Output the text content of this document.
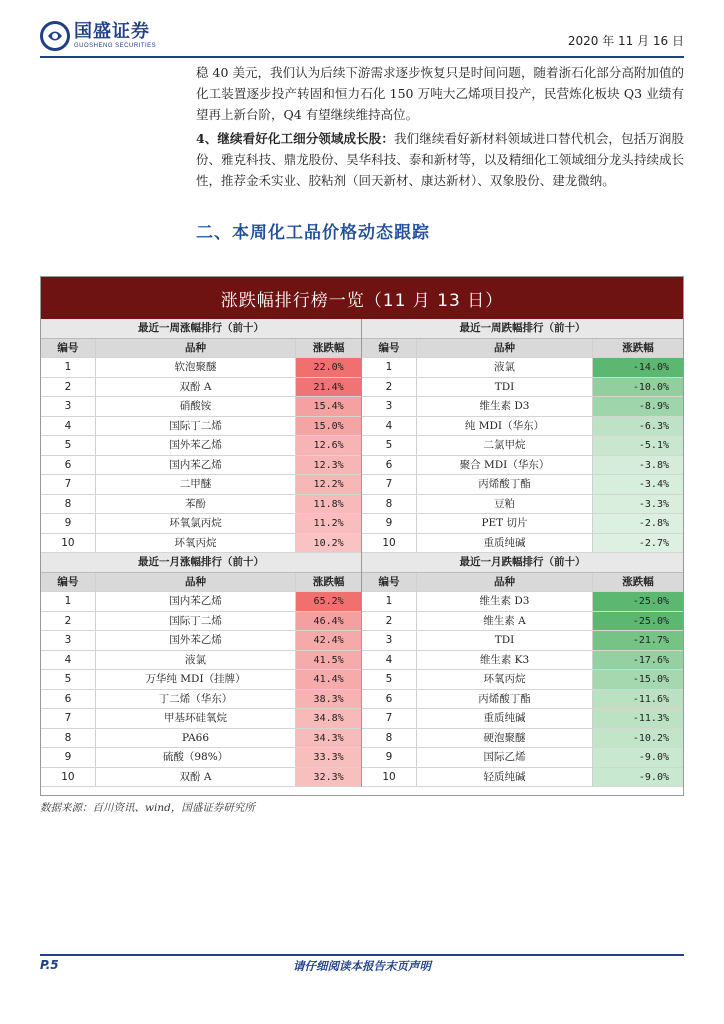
国盛证券
GUOSHENG SECURITIES	2020 年 11 月 16 日

稳 40 美元，我们认为后续下游需求逐步恢复只是时间问题，随着浙石化部分高附加值的化工装置逐步投产转固和恒力石化 150 万吨大乙烯项目投产，民营炼化板块 Q3 业绩有望再上新台阶，Q4 有望继续维持高位。

4、继续看好化工细分领域成长股：我们继续看好新材料领域进口替代机会，包括万润股份、雅克科技、鼎龙股份、昊华科技、泰和新材等，以及精细化工领域细分龙头持续成长性，推荐金禾实业、胶粘剂（回天新材、康达新材）、双象股份、建龙微纳。

二、本周化工品价格动态跟踪
涨跌幅排行榜一览（11 月 13 日）
最近一周涨幅排行（前十）
编号	品种	涨跌幅
1	软泡聚醚	22.0%
2	双酚 A	21.4%
3	硝酸铵	15.4%
4	国际丁二烯	15.0%
5	国外苯乙烯	12.6%
6	国内苯乙烯	12.3%
7	二甲醚	12.2%
8	苯酚	11.8%
9	环氧氯丙烷	11.2%
10	环氧丙烷	10.2%
最近一月涨幅排行（前十）
编号	品种	涨跌幅
1	国内苯乙烯	65.2%
2	国际丁二烯	46.4%
3	国外苯乙烯	42.4%
4	液氯	41.5%
5	万华纯 MDI（挂牌）	41.4%
6	丁二烯（华东）	38.3%
7	甲基环硅氧烷	34.8%
8	PA66	34.3%
9	硫酸（98%）	33.3%
10	双酚 A	32.3%
最近一周跌幅排行（前十）
编号	品种	涨跌幅
1	液氯	-14.0%
2	TDI	-10.0%
3	维生素 D3	-8.9%
4	纯 MDI（华东）	-6.3%
5	二氯甲烷	-5.1%
6	聚合 MDI（华东）	-3.8%
7	丙烯酸丁酯	-3.4%
8	豆粕	-3.3%
9	PET 切片	-2.8%
10	重质纯碱	-2.7%
最近一月跌幅排行（前十）
编号	品种	涨跌幅
1	维生素 D3	-25.0%
2	维生素 A	-25.0%
3	TDI	-21.7%
4	维生素 K3	-17.6%
5	环氧丙烷	-15.0%
6	丙烯酸丁酯	-11.6%
7	重质纯碱	-11.3%
8	硬泡聚醚	-10.2%
9	国际乙烯	-9.0%
10	轻质纯碱	-9.0%
数据来源：百川资讯、wind，国盛证券研究所
P.5	请仔细阅读本报告末页声明
